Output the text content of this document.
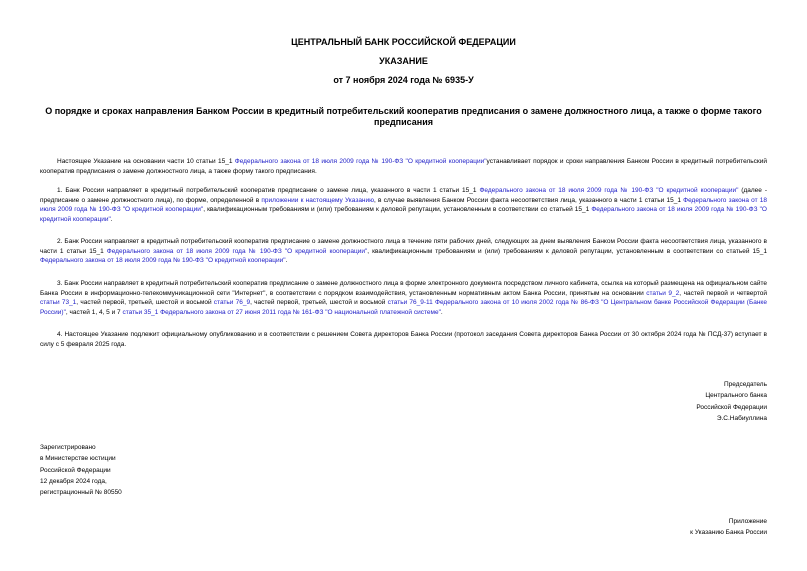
ЦЕНТРАЛЬНЫЙ БАНК РОССИЙСКОЙ ФЕДЕРАЦИИ
УКАЗАНИЕ
от 7 ноября 2024 года № 6935-У
О порядке и сроках направления Банком России в кредитный потребительский кооператив предписания о замене должностного лица, а также о форме такого предписания
Настоящее Указание на основании части 10 статьи 15_1 Федерального закона от 18 июля 2009 года № 190-ФЗ "О кредитной кооперации"устанавливает порядок и сроки направления Банком России в кредитный потребительский кооператив предписания о замене должностного лица, а также форму такого предписания.
1. Банк России направляет в кредитный потребительский кооператив предписание о замене лица, указанного в части 1 статьи 15_1 Федерального закона от 18 июля 2009 года № 190-ФЗ "О кредитной кооперации" (далее - предписание о замене должностного лица), по форме, определенной в приложении к настоящему Указанию, в случае выявления Банком России факта несоответствия лица, указанного в части 1 статьи 15_1 Федерального закона от 18 июля 2009 года № 190-ФЗ "О кредитной кооперации", квалификационным требованиям и (или) требованиям к деловой репутации, установленным в соответствии со статьей 15_1 Федерального закона от 18 июля 2009 года № 190-ФЗ "О кредитной кооперации".
2. Банк России направляет в кредитный потребительский кооператив предписание о замене должностного лица в течение пяти рабочих дней, следующих за днем выявления Банком России факта несоответствия лица, указанного в части 1 статьи 15_1 Федерального закона от 18 июля 2009 года № 190-ФЗ "О кредитной кооперации", квалификационным требованиям и (или) требованиям к деловой репутации, установленным в соответствии со статьей 15_1 Федерального закона от 18 июля 2009 года № 190-ФЗ "О кредитной кооперации".
3. Банк России направляет в кредитный потребительский кооператив предписание о замене должностного лица в форме электронного документа посредством личного кабинета, ссылка на который размещена на официальном сайте Банка России в информационно-телекоммуникационной сети "Интернет", в соответствии с порядком взаимодействия, установленным нормативным актом Банка России, принятым на основании статьи 9_2, частей первой и четвертой статьи 73_1, частей первой, третьей, шестой и восьмой статьи 76_9, частей первой, третьей, шестой и восьмой статьи 76_9-11 Федерального закона от 10 июля 2002 года № 86-ФЗ "О Центральном банке Российской Федерации (Банке России)", частей 1, 4, 5 и 7 статьи 35_1 Федерального закона от 27 июня 2011 года № 161-ФЗ "О национальной платежной системе".
4. Настоящее Указание подлежит официальному опубликованию и в соответствии с решением Совета директоров Банка России (протокол заседания Совета директоров Банка России от 30 октября 2024 года № ПСД-37) вступает в силу с 5 февраля 2025 года.
Председатель
Центрального банка
Российской Федерации
Э.С.Набиуллина
Зарегистрировано
в Министерстве юстиции
Российской Федерации
12 декабря 2024 года,
регистрационный № 80550
Приложение
к Указанию Банка России
